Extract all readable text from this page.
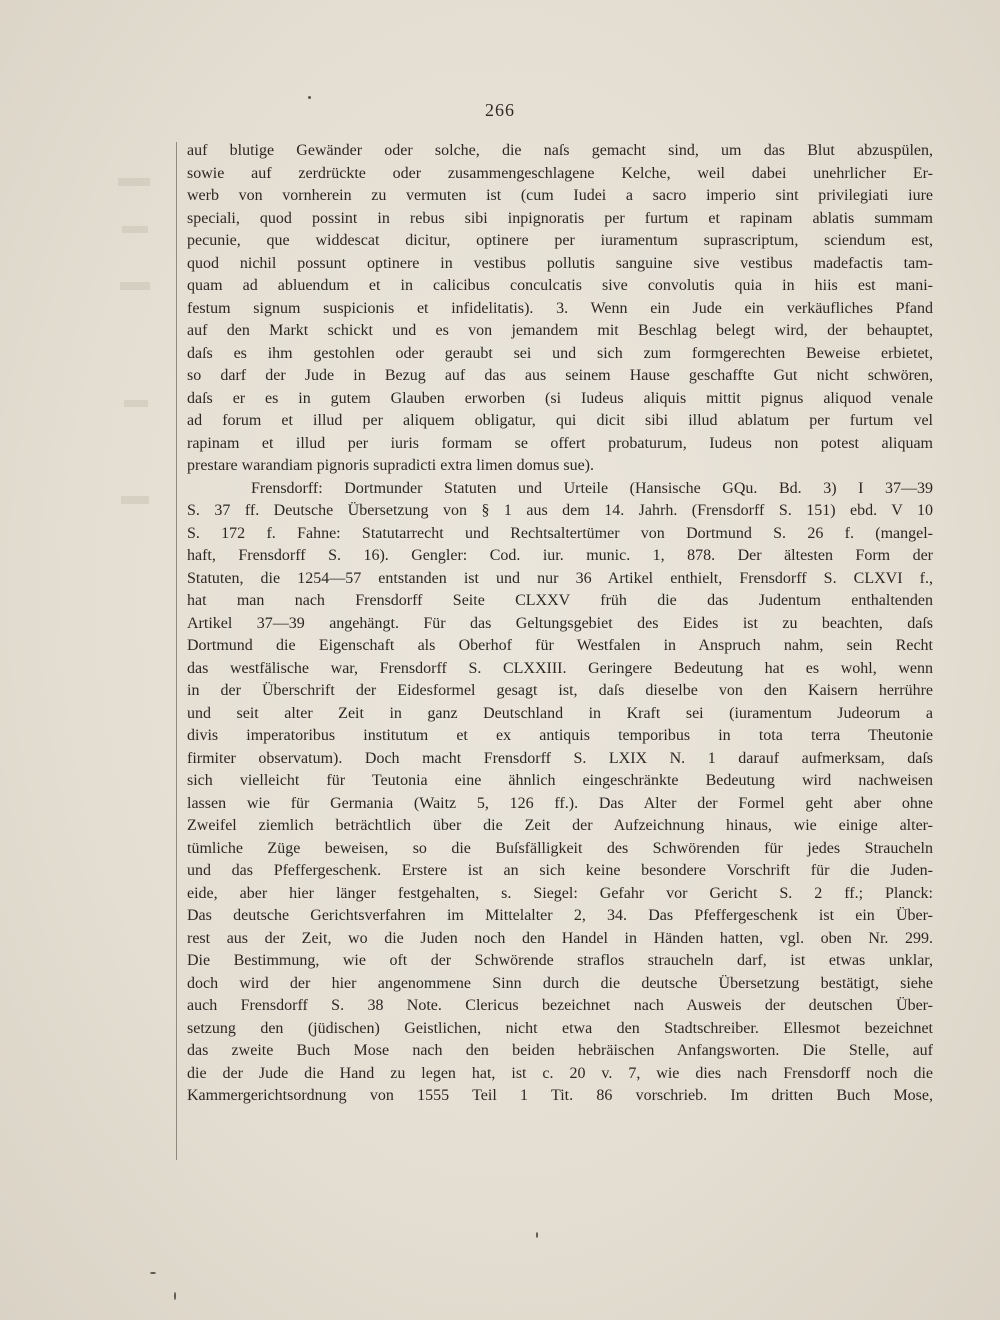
266
auf blutige Gewänder oder solche, die naſs gemacht sind, um das Blut abzuspülen,
sowie auf zerdrückte oder zusammengeschlagene Kelche, weil dabei unehrlicher Er-
werb von vornherein zu vermuten ist (cum Iudei a sacro imperio sint privilegiati iure
speciali, quod possint in rebus sibi inpignoratis per furtum et rapinam ablatis summam
pecunie, que widdescat dicitur, optinere per iuramentum suprascriptum, sciendum est,
quod nichil possunt optinere in vestibus pollutis sanguine sive vestibus madefactis tam-
quam ad abluendum et in calicibus conculcatis sive convolutis quia in hiis est mani-
festum signum suspicionis et infidelitatis). 3. Wenn ein Jude ein verkäufliches Pfand
auf den Markt schickt und es von jemandem mit Beschlag belegt wird, der behauptet,
daſs es ihm gestohlen oder geraubt sei und sich zum formgerechten Beweise erbietet,
so darf der Jude in Bezug auf das aus seinem Hause geschaffte Gut nicht schwören,
daſs er es in gutem Glauben erworben (si Iudeus aliquis mittit pignus aliquod venale
ad forum et illud per aliquem obligatur, qui dicit sibi illud ablatum per furtum vel
rapinam et illud per iuris formam se offert probaturum, Iudeus non potest aliquam
prestare warandiam pignoris supradicti extra limen domus sue).
Frensdorff: Dortmunder Statuten und Urteile (Hansische GQu. Bd. 3) I 37—39
S. 37 ff. Deutsche Übersetzung von § 1 aus dem 14. Jahrh. (Frensdorff S. 151) ebd. V 10
S. 172 f. Fahne: Statutarrecht und Rechtsaltertümer von Dortmund S. 26 f. (mangel-
haft, Frensdorff S. 16). Gengler: Cod. iur. munic. 1, 878. Der ältesten Form der
Statuten, die 1254—57 entstanden ist und nur 36 Artikel enthielt, Frensdorff S. CLXVI f.,
hat man nach Frensdorff Seite CLXXV früh die das Judentum enthaltenden
Artikel 37—39 angehängt. Für das Geltungsgebiet des Eides ist zu beachten, daſs
Dortmund die Eigenschaft als Oberhof für Westfalen in Anspruch nahm, sein Recht
das westfälische war, Frensdorff S. CLXXIII. Geringere Bedeutung hat es wohl, wenn
in der Überschrift der Eidesformel gesagt ist, daſs dieselbe von den Kaisern herrühre
und seit alter Zeit in ganz Deutschland in Kraft sei (iuramentum Judeorum a
divis imperatoribus institutum et ex antiquis temporibus in tota terra Theutonie
firmiter observatum). Doch macht Frensdorff S. LXIX N. 1 darauf aufmerksam, daſs
sich vielleicht für Teutonia eine ähnlich eingeschränkte Bedeutung wird nachweisen
lassen wie für Germania (Waitz 5, 126 ff.). Das Alter der Formel geht aber ohne
Zweifel ziemlich beträchtlich über die Zeit der Aufzeichnung hinaus, wie einige alter-
tümliche Züge beweisen, so die Buſsfälligkeit des Schwörenden für jedes Straucheln
und das Pfeffergeschenk. Erstere ist an sich keine besondere Vorschrift für die Juden-
eide, aber hier länger festgehalten, s. Siegel: Gefahr vor Gericht S. 2 ff.; Planck:
Das deutsche Gerichtsverfahren im Mittelalter 2, 34. Das Pfeffergeschenk ist ein Über-
rest aus der Zeit, wo die Juden noch den Handel in Händen hatten, vgl. oben Nr. 299.
Die Bestimmung, wie oft der Schwörende straflos straucheln darf, ist etwas unklar,
doch wird der hier angenommene Sinn durch die deutsche Übersetzung bestätigt, siehe
auch Frensdorff S. 38 Note. Clericus bezeichnet nach Ausweis der deutschen Über-
setzung den (jüdischen) Geistlichen, nicht etwa den Stadtschreiber. Ellesmot bezeichnet
das zweite Buch Mose nach den beiden hebräischen Anfangsworten. Die Stelle, auf
die der Jude die Hand zu legen hat, ist c. 20 v. 7, wie dies nach Frensdorff noch die
Kammergerichtsordnung von 1555 Teil 1 Tit. 86 vorschrieb. Im dritten Buch Mose,
